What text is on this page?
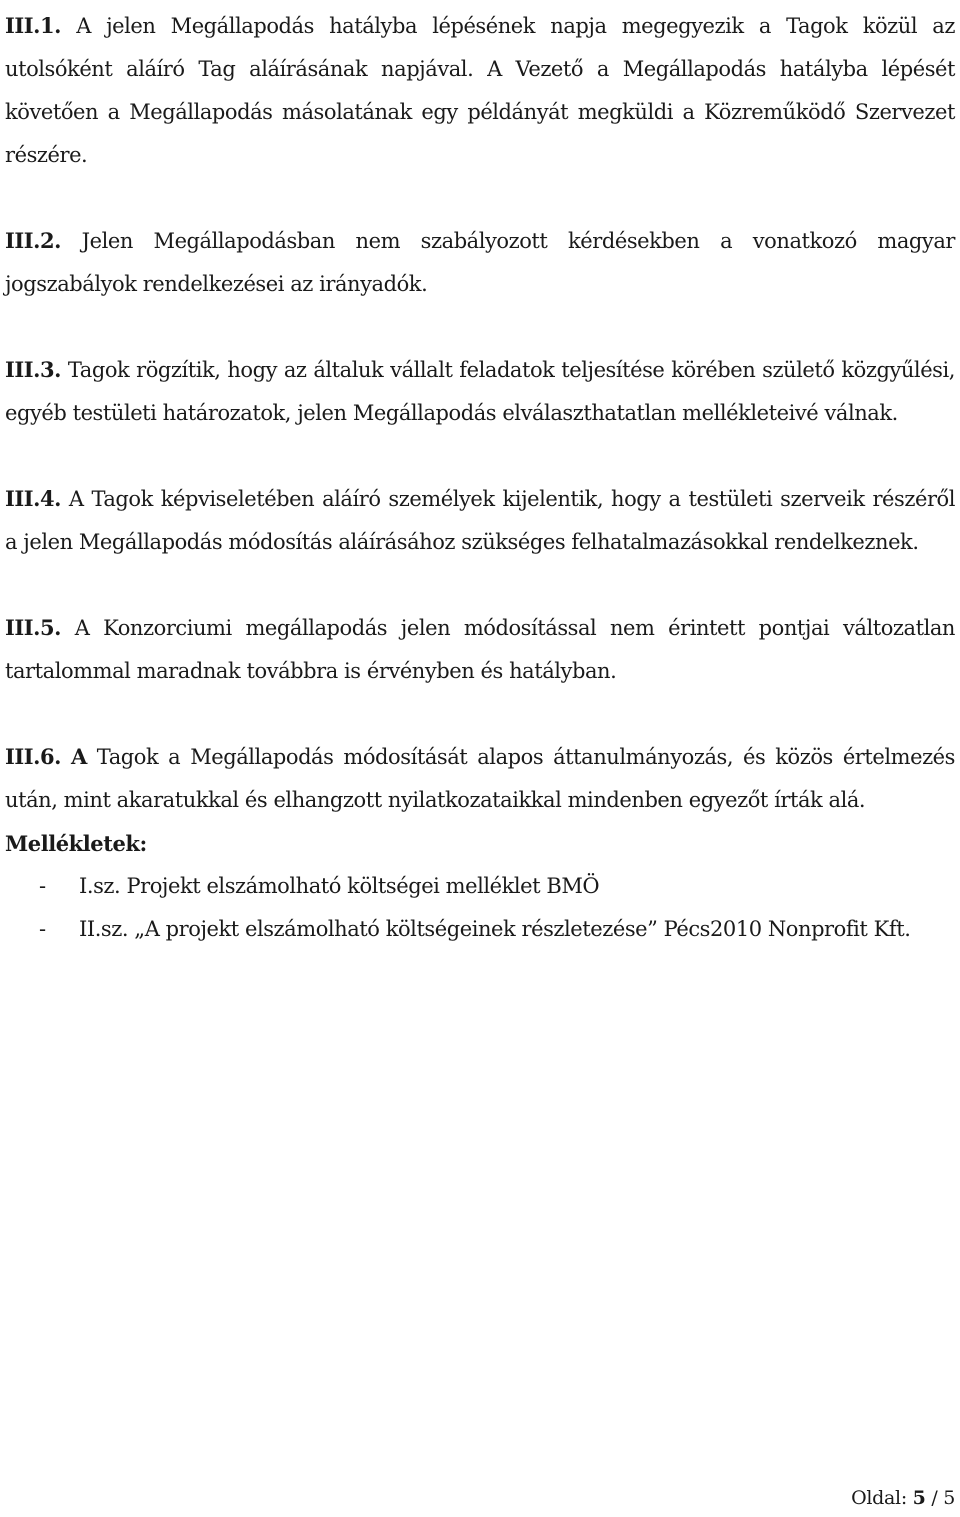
III.1. A jelen Megállapodás hatályba lépésének napja megegyezik a Tagok közül az utolsóként aláíró Tag aláírásának napjával. A Vezető a Megállapodás hatályba lépését követően a Megállapodás másolatának egy példányát megküldi a Közreműködő Szervezet részére.

III.2. Jelen Megállapodásban nem szabályozott kérdésekben a vonatkozó magyar jogszabályok rendelkezései az irányadók.

III.3. Tagok rögzítik, hogy az általuk vállalt feladatok teljesítése körében születő közgyűlési, egyéb testületi határozatok, jelen Megállapodás elválaszthatatlan mellékleteivé válnak.

III.4. A Tagok képviseletében aláíró személyek kijelentik, hogy a testületi szerveik részéről a jelen Megállapodás módosítás aláírásához szükséges felhatalmazásokkal rendelkeznek.

III.5. A Konzorciumi megállapodás jelen módosítással nem érintett pontjai változatlan tartalommal maradnak továbbra is érvényben és hatályban.

III.6. A Tagok a Megállapodás módosítását alapos áttanulmányozás, és közös értelmezés után, mint akaratukkal és elhangzott nyilatkozataikkal mindenben egyezőt írták alá.

Mellékletek:
- I.sz. Projekt elszámolható költségei melléklet BMÖ
- II.sz. „A projekt elszámolható költségeinek részletezése” Pécs2010 Nonprofit Kft.
Oldal: 5 / 5
